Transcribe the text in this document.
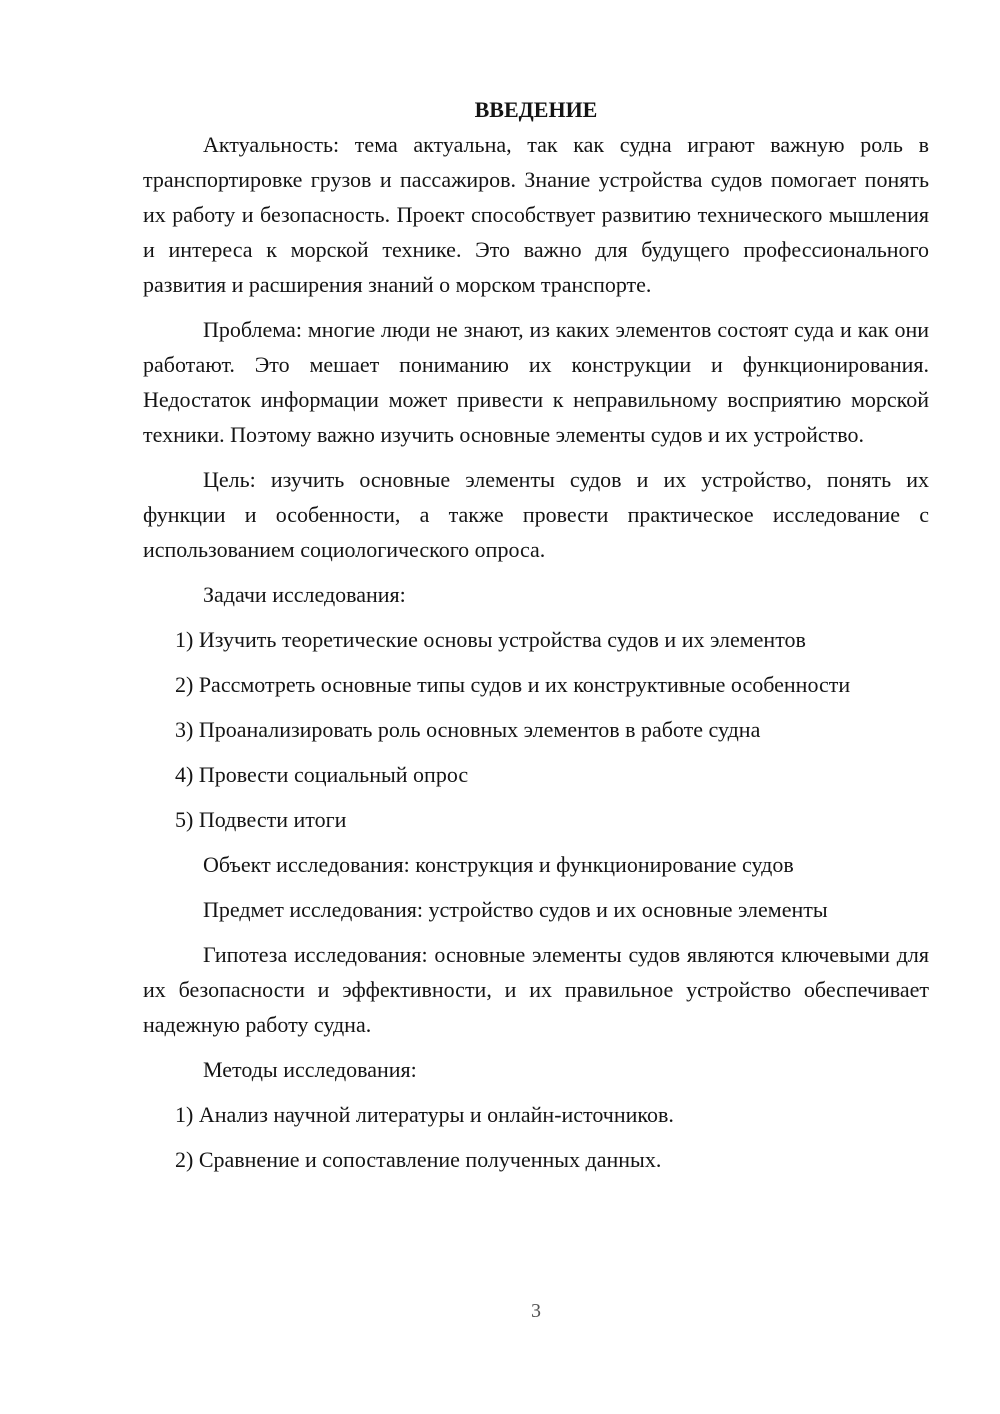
ВВЕДЕНИЕ

Актуальность: тема актуальна, так как судна играют важную роль в транспортировке грузов и пассажиров. Знание устройства судов помогает понять их работу и безопасность. Проект способствует развитию технического мышления и интереса к морской технике. Это важно для будущего профессионального развития и расширения знаний о морском транспорте.

Проблема: многие люди не знают, из каких элементов состоят суда и как они работают. Это мешает пониманию их конструкции и функционирования. Недостаток информации может привести к неправильному восприятию морской техники. Поэтому важно изучить основные элементы судов и их устройство.

Цель: изучить основные элементы судов и их устройство, понять их функции и особенности, а также провести практическое исследование с использованием социологического опроса.

Задачи исследования:

1) Изучить теоретические основы устройства судов и их элементов

2) Рассмотреть основные типы судов и их конструктивные особенности

3) Проанализировать роль основных элементов в работе судна

4) Провести социальный опрос

5) Подвести итоги

Объект исследования: конструкция и функционирование судов

Предмет исследования: устройство судов и их основные элементы

Гипотеза исследования: основные элементы судов являются ключевыми для их безопасности и эффективности, и их правильное устройство обеспечивает надежную работу судна.

Методы исследования:

1) Анализ научной литературы и онлайн-источников.

2) Сравнение и сопоставление полученных данных.

3
